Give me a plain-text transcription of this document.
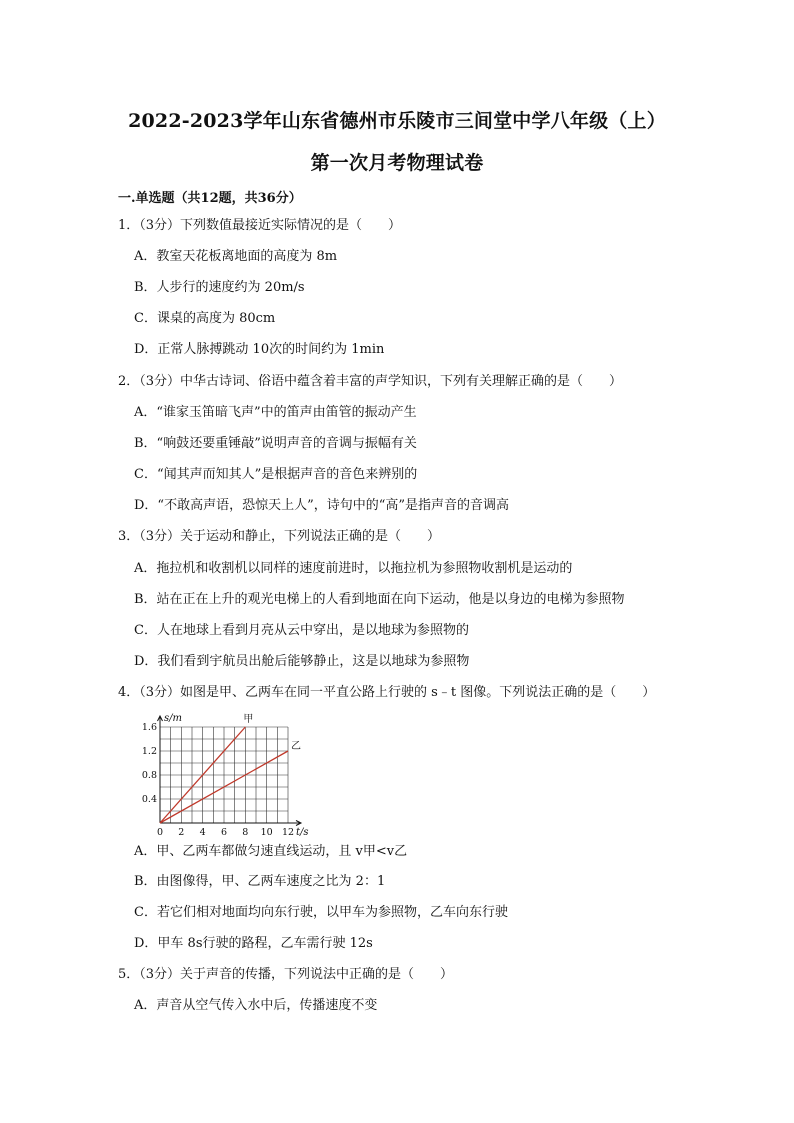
2022-2023学年山东省德州市乐陵市三间堂中学八年级（上）
第一次月考物理试卷
一.单选题（共12题，共36分）
1．（3分）下列数值最接近实际情况的是（　　）
A．教室天花板离地面的高度为 8m
B．人步行的速度约为 20m/s
C．课桌的高度为 80cm
D．正常人脉搏跳动 10次的时间约为 1min
2．（3分）中华古诗词、俗语中蕴含着丰富的声学知识，下列有关理解正确的是（　　）
A．“谁家玉笛暗飞声”中的笛声由笛管的振动产生
B．“响鼓还要重锤敲”说明声音的音调与振幅有关
C．“闻其声而知其人”是根据声音的音色来辨别的
D．“不敢高声语，恐惊天上人”，诗句中的“高”是指声音的音调高
3．（3分）关于运动和静止，下列说法正确的是（　　）
A．拖拉机和收割机以同样的速度前进时，以拖拉机为参照物收割机是运动的
B．站在正在上升的观光电梯上的人看到地面在向下运动，他是以身边的电梯为参照物
C．人在地球上看到月亮从云中穿出，是以地球为参照物的
D．我们看到宇航员出舱后能够静止，这是以地球为参照物
4．（3分）如图是甲、乙两车在同一平直公路上行驶的 s﹣t 图像。下列说法正确的是（　　）
甲
乙
0 2 4 6 8 10 12
0.4
0.8
1.2
1.6
s/m
t/s
A．甲、乙两车都做匀速直线运动，且 v甲<v乙
B．由图像得，甲、乙两车速度之比为 2：1
C．若它们相对地面均向东行驶，以甲车为参照物，乙车向东行驶
D．甲车 8s行驶的路程，乙车需行驶 12s
5．（3分）关于声音的传播，下列说法中正确的是（　　）
A．声音从空气传入水中后，传播速度不变
